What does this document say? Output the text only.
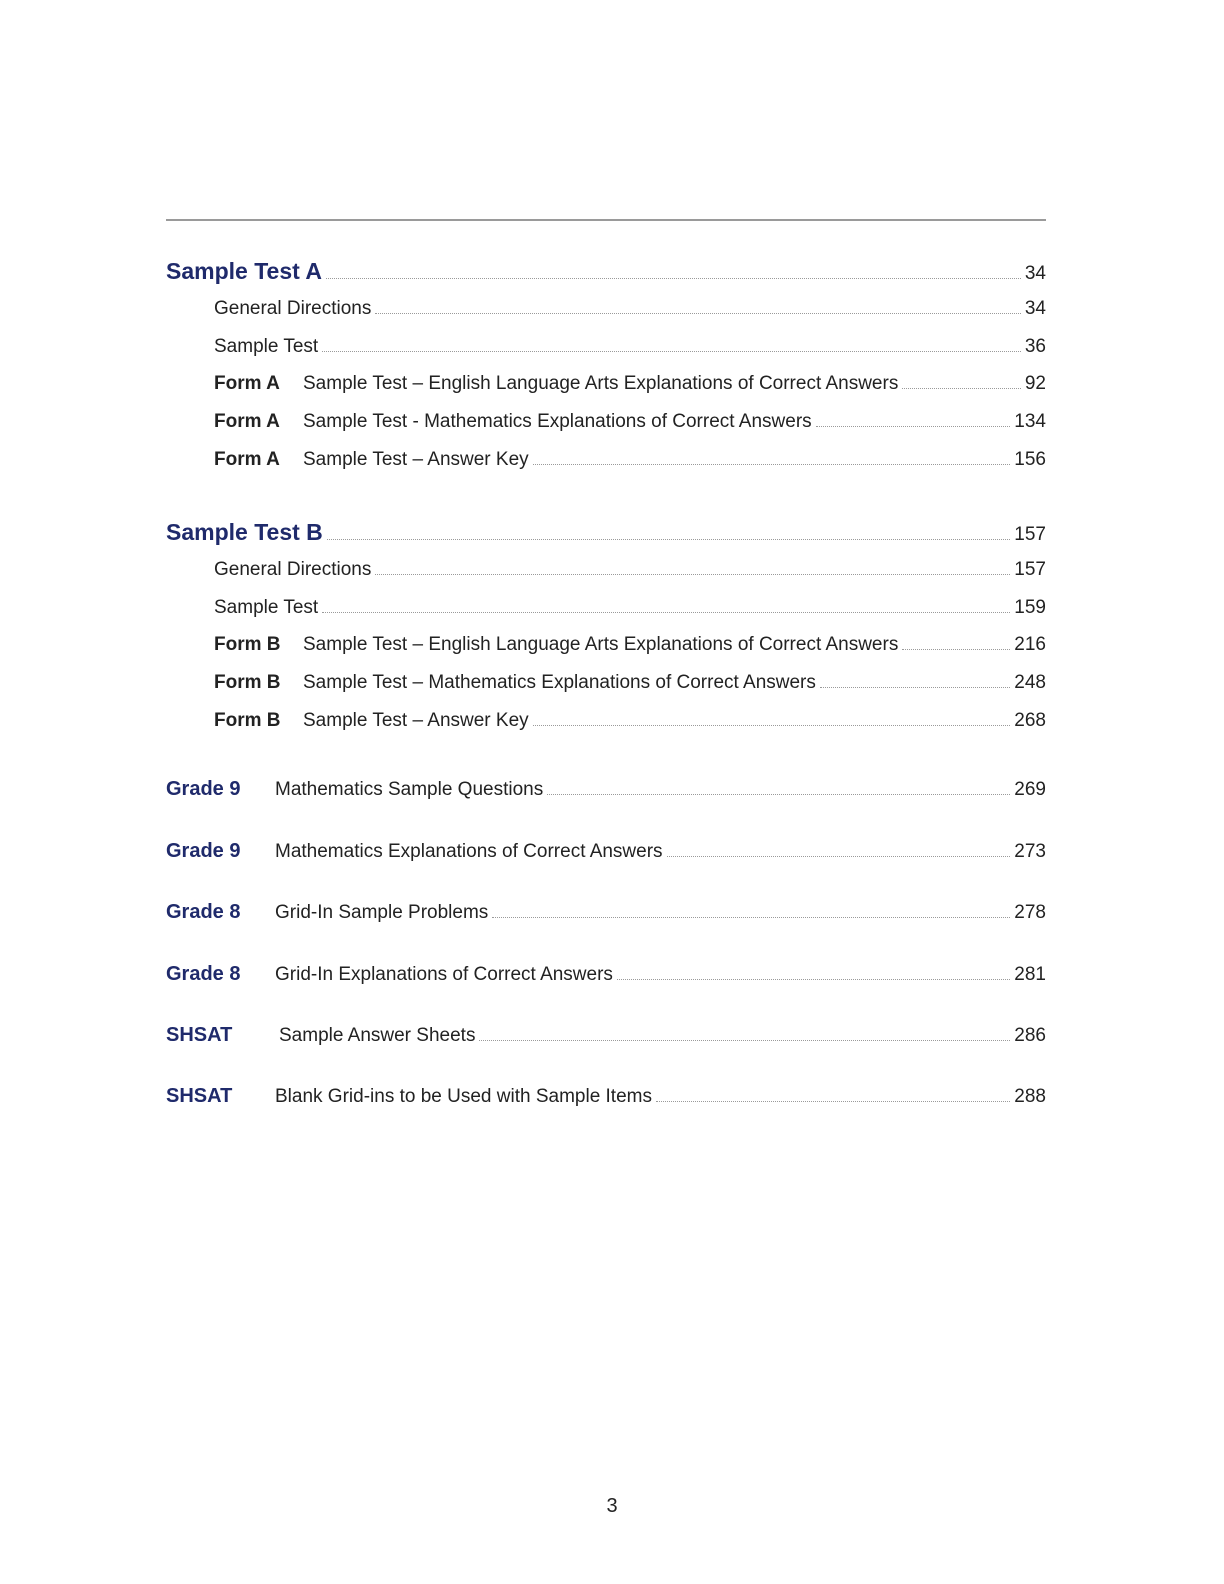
Sample Test A	34
General Directions	34
Sample Test	36
Form A	Sample Test – English Language Arts Explanations of Correct Answers	92
Form A	Sample Test - Mathematics Explanations of Correct Answers	134
Form A	Sample Test – Answer Key	156
Sample Test B	157
General Directions	157
Sample Test	159
Form B	Sample Test – English Language Arts Explanations of Correct Answers	216
Form B	Sample Test – Mathematics Explanations of Correct Answers	248
Form B	Sample Test – Answer Key	268
Grade 9	Mathematics Sample Questions	269
Grade 9	Mathematics Explanations of Correct Answers	273
Grade 8	Grid-In Sample Problems	278
Grade 8	Grid-In Explanations of Correct Answers	281
SHSAT	Sample Answer Sheets	286
SHSAT	Blank Grid-ins to be Used with Sample Items	288
3
